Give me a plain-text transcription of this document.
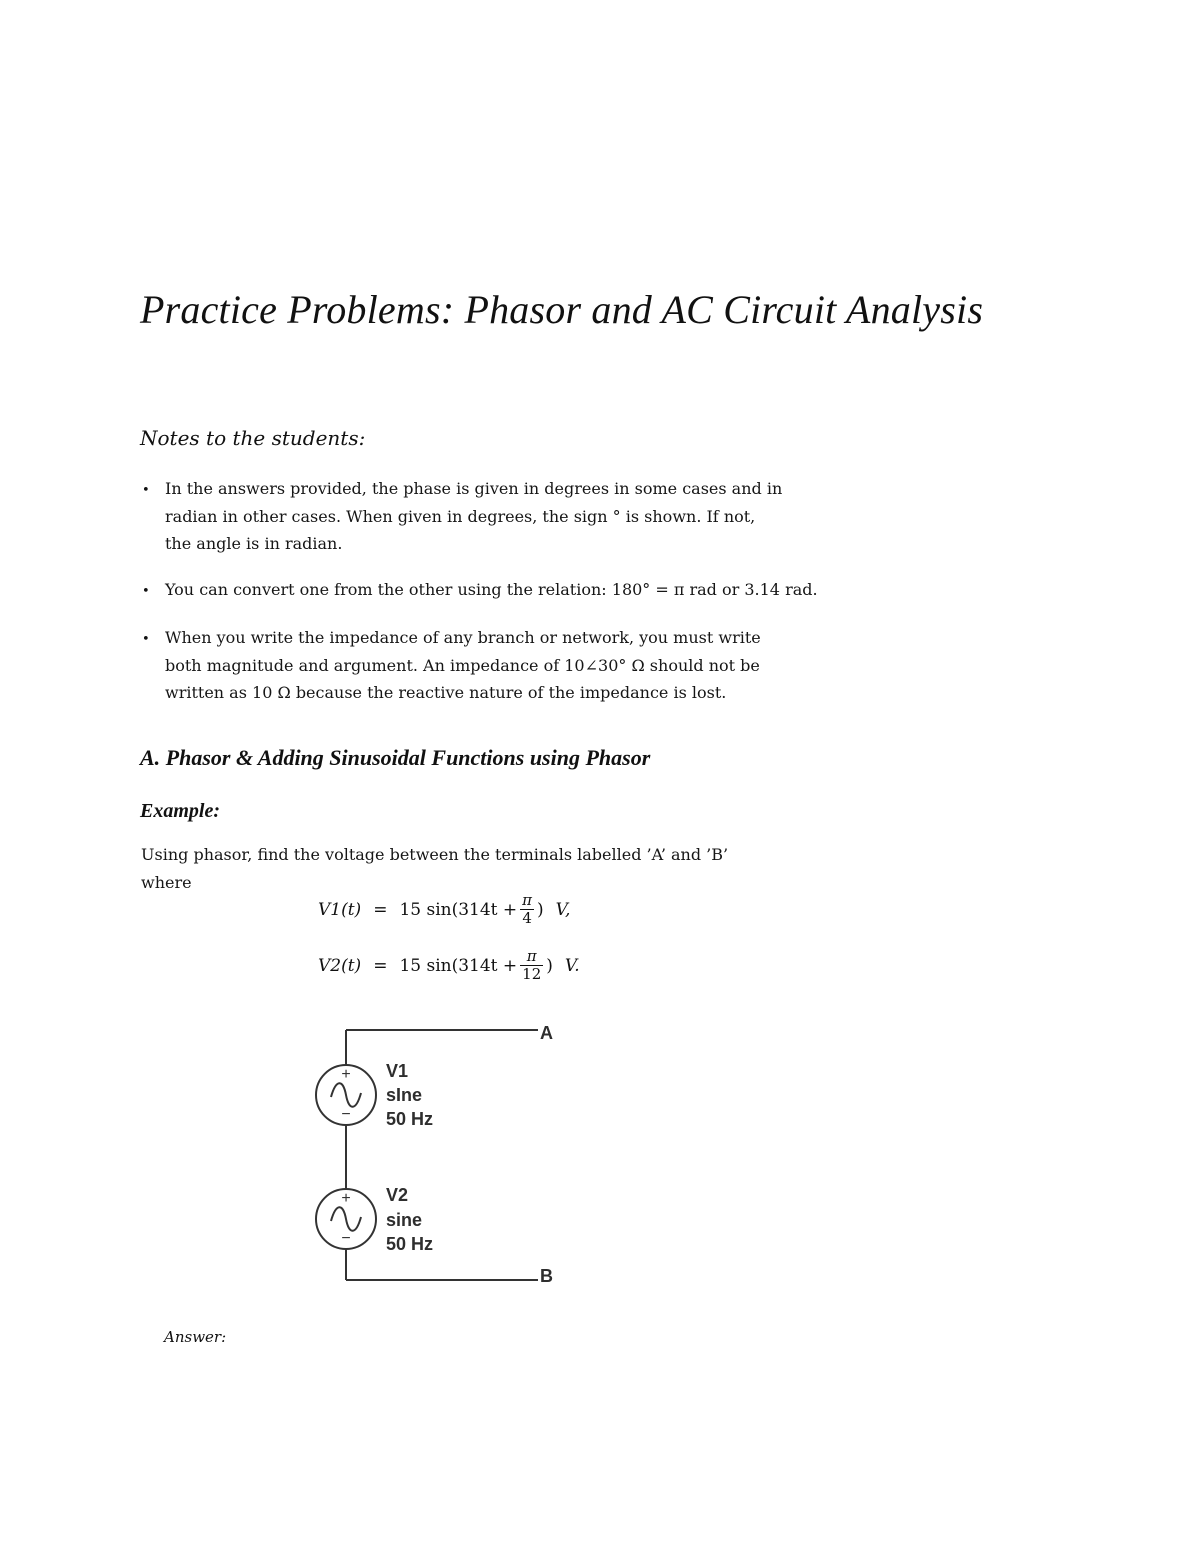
Practice Problems: Phasor and AC Circuit Analysis
Notes to the students:
• In the answers provided, the phase is given in degrees in some cases and in
radian in other cases. When given in degrees, the sign ° is shown. If not,
the angle is in radian.
• You can convert one from the other using the relation: 180° = π rad or 3.14 rad.
• When you write the impedance of any branch or network, you must write
both magnitude and argument. An impedance of 10∠30° Ω should not be
written as 10 Ω because the reactive nature of the impedance is lost.
A. Phasor & Adding Sinusoidal Functions using Phasor
Example:
Using phasor, find the voltage between the terminals labelled ’A’ and ’B’
where
V1(t) = 15 $\sin(314t + \frac{\pi}{4}$ ) V,
V2(t) = 15 $\sin(314t + \frac{\pi}{12}$ ) V.
+
−
V1
sIne
50 Hz
+
−
V2
sine
50 Hz
A
B
Answer:
